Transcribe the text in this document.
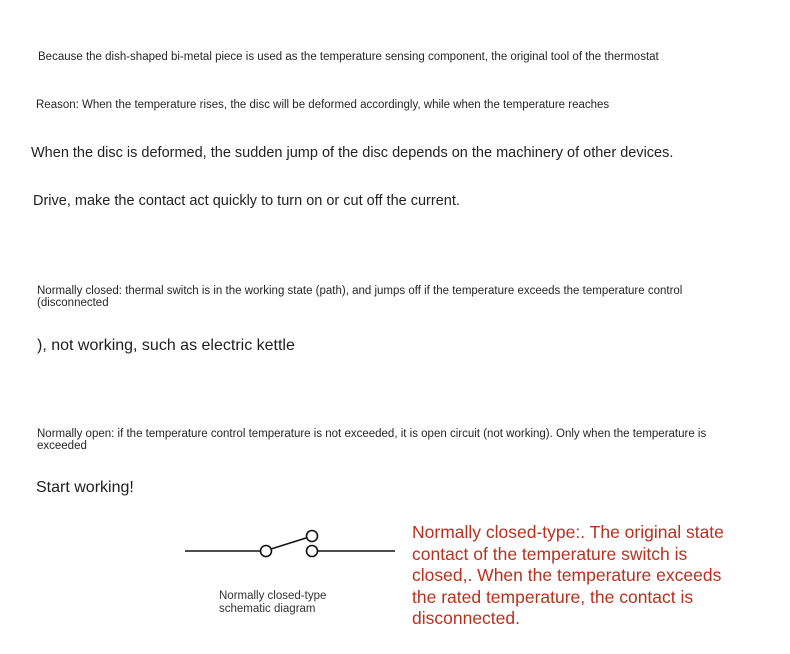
Because the dish-shaped bi-metal piece is used as the temperature sensing component, the original tool of the thermostat
Reason: When the temperature rises, the disc will be deformed accordingly, while when the temperature reaches
When the disc is deformed, the sudden jump of the disc depends on the machinery of other devices.
Drive, make the contact act quickly to turn on or cut off the current.
Normally closed: thermal switch is in the working state (path), and jumps off if the temperature exceeds the temperature control (disconnected
), not working, such as electric kettle
Normally open: if the temperature control temperature is not exceeded, it is open circuit (not working). Only when the temperature is exceeded
Start working!
Normally closed-type schematic diagram
Normally closed-type:. The original state contact of the temperature switch is closed,. When the temperature exceeds the rated temperature, the contact is disconnected.
